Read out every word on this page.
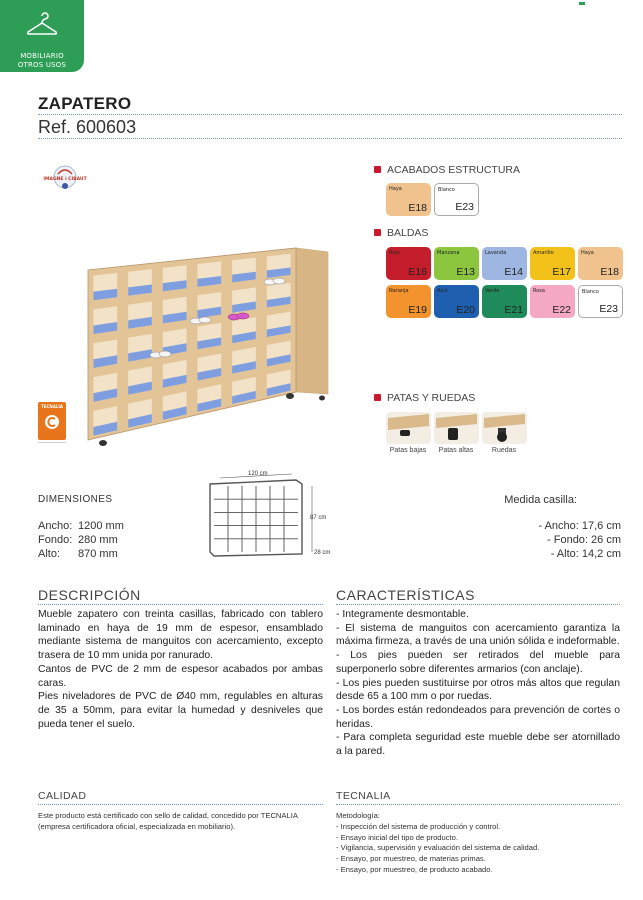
MOBILIARIO
OTROS USOS
ZAPATERO
Ref. 600603
IMAGNE i CIBAUT
TECNALIA
ACABADOS ESTRUCTURA
Haya
E18
Blanco
E23
BALDAS
Rojo
E16
Manzana
E13
Lavanda
E14
Amarillo
E17
Haya
E18
Naranja
E19
Azul
E20
Verde
E21
Rosa
E22
Blanco
E23
PATAS Y RUEDAS
Patas bajas	Patas altas	Ruedas
DIMENSIONES
Ancho: 1200 mm
Fondo: 280 mm
Alto: 870 mm
120 cm
87 cm
28 cm
Medida casilla:
- Ancho: 17,6 cm
- Fondo: 26 cm
- Alto: 14,2 cm
DESCRIPCIÓN

Mueble zapatero con treinta casillas, fabricado con tablero laminado en haya de 19 mm de espesor, ensamblado mediante sistema de manguitos con acercamiento, excepto trasera de 10 mm unida por ranurado.

Cantos de PVC de 2 mm de espesor acabados por ambas caras.

Pies niveladores de PVC de Ø40 mm, regulables en alturas de 35 a 50mm, para evitar la humedad y desniveles que pueda tener el suelo.

CARACTERÍSTICAS

- Integramente desmontable.

- El sistema de manguitos con acercamiento garantiza la máxima firmeza, a través de una unión sólida e indeformable.

- Los pies pueden ser retirados del mueble para superponerlo sobre diferentes armarios (con anclaje).

- Los pies pueden sustituirse por otros más altos que regulan desde 65 a 100 mm o por ruedas.

- Los bordes están redondeados para prevención de cortes o heridas.

- Para completa seguridad este mueble debe ser atornillado a la pared.

CALIDAD
Este producto está certificado con sello de calidad, concedido por TECNALIA (empresa certificadora oficial, especializada en mobiliario).
TECNALIA
Metodología:
- Inspección del sistema de producción y control.
- Ensayo inicial del tipo de producto.
- Vigilancia, supervisión y evaluación del sistema de calidad.
- Ensayo, por muestreo, de materias primas.
- Ensayo, por muestreo, de producto acabado.
